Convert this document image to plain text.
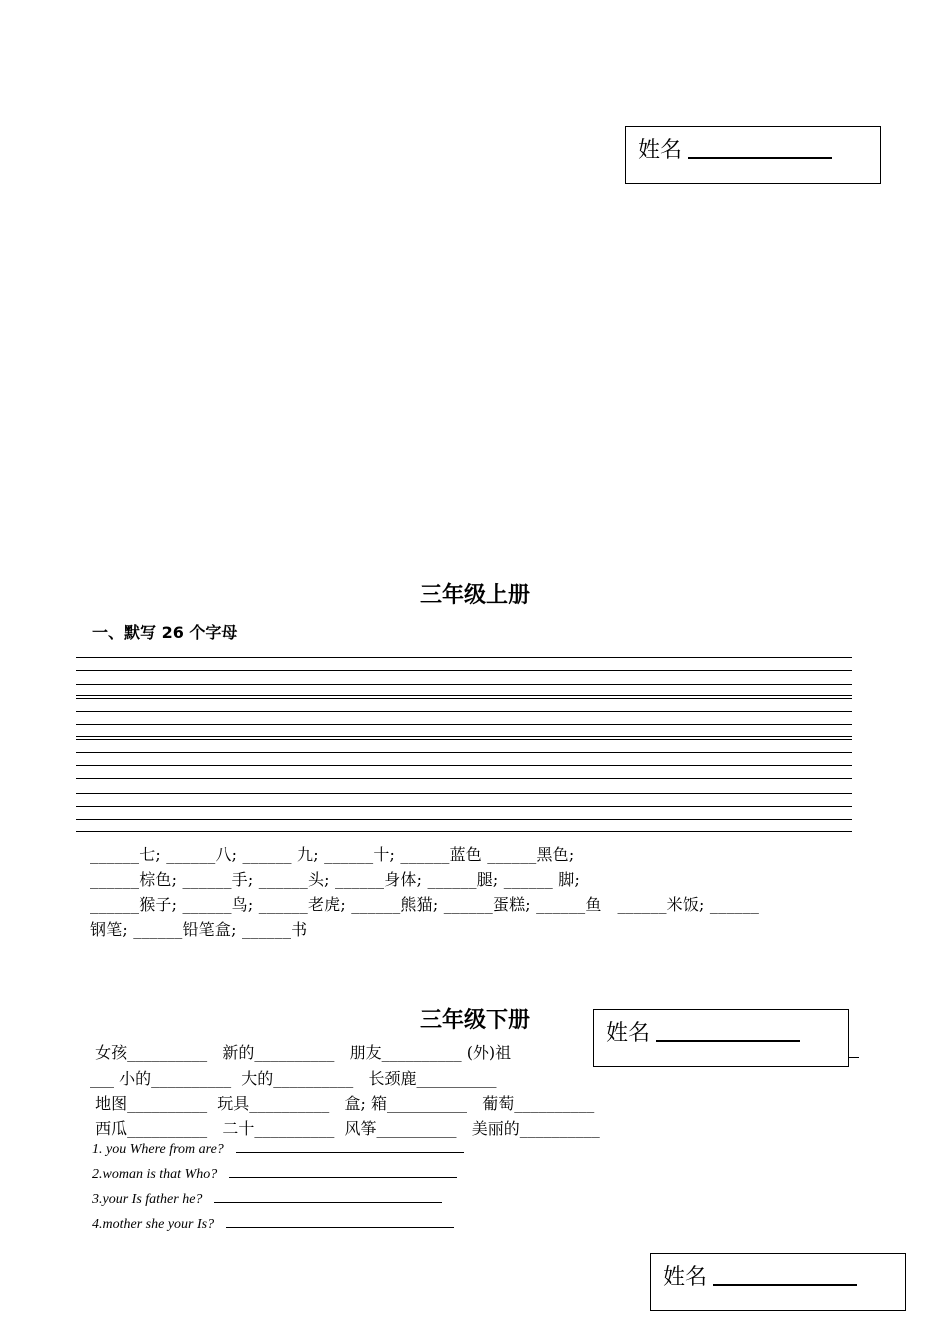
姓名
三年级上册
一、默写 26 个字母
______七; ______八; ______ 九; ______十; ______蓝色 ______黑色;
______棕色; ______手; ______头; ______身体; ______腿; ______ 脚;
______猴子; ______鸟; ______老虎; ______熊猫; ______蛋糕; ______鱼   ______米饭; ______
钢笔; ______铅笔盒; ______书
三年级下册
女孩__________   新的__________   朋友__________ (外)祖
___ 小的__________  大的__________   长颈鹿__________
地图__________  玩具__________   盒; 箱__________   葡萄__________
西瓜__________   二十__________  风筝__________   美丽的__________
姓名
1. you Where from are?
2.woman is that Who?
3.your Is father he?
4.mother she your Is?
姓名
